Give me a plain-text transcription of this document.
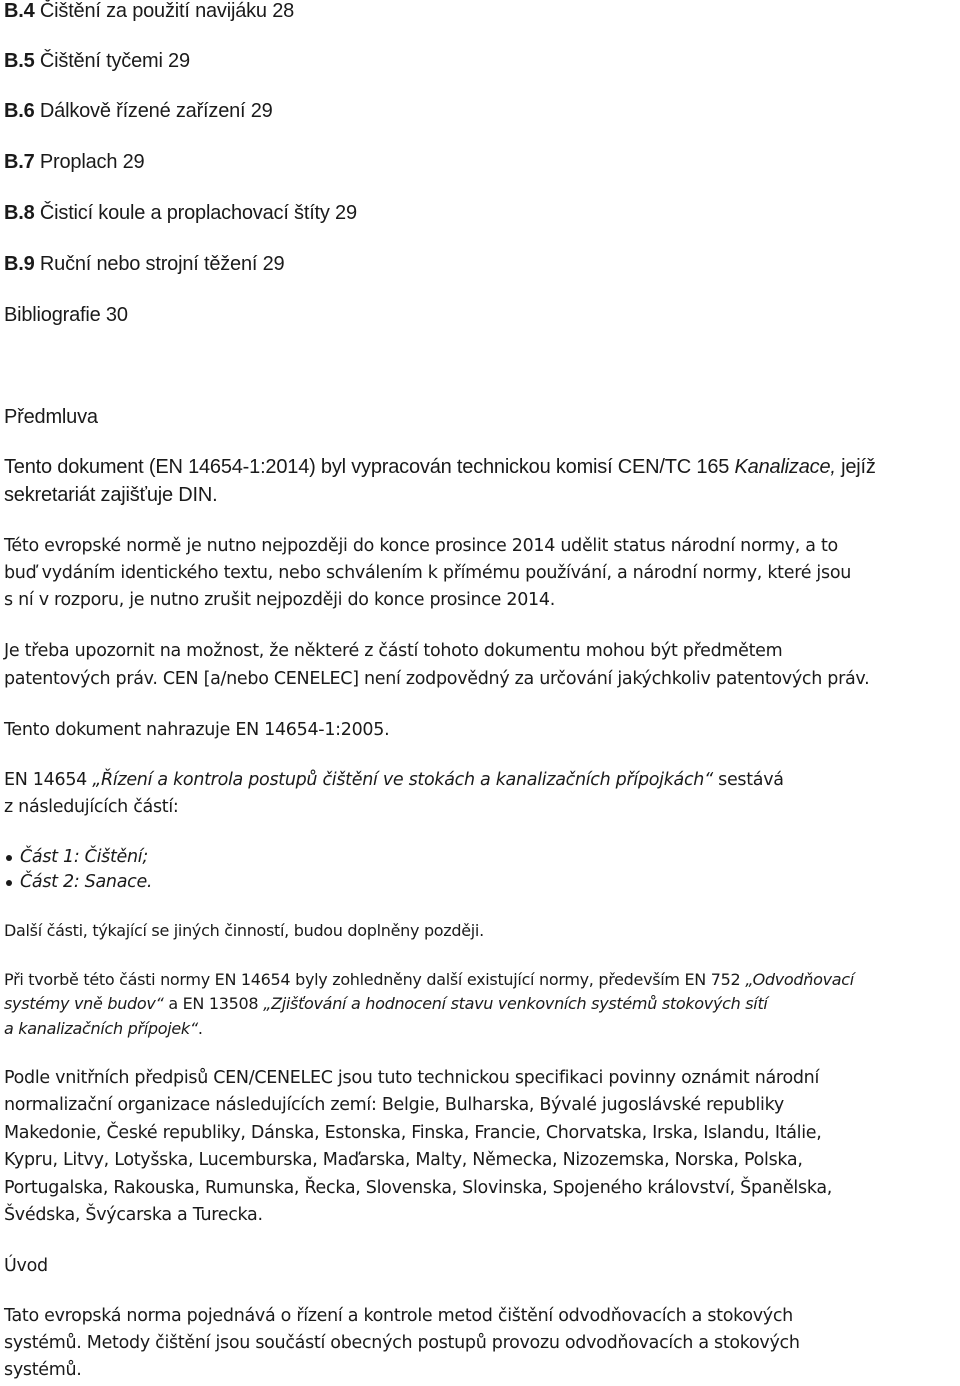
B.4 Čištění za použití navijáku 28
B.5 Čištění tyčemi 29
B.6 Dálkově řízené zařízení 29
B.7 Proplach 29
B.8 Čisticí koule a proplachovací štíty 29
B.9 Ruční nebo strojní těžení 29
Bibliografie 30
Předmluva
Tento dokument (EN 14654-1:2014) byl vypracován technickou komisí CEN/TC 165 Kanalizace, jejíž
sekretariát zajišťuje DIN.
Této evropské normě je nutno nejpozději do konce prosince 2014 udělit status národní normy, a to
buď vydáním identického textu, nebo schválením k přímému používání, a národní normy, které jsou
s ní v rozporu, je nutno zrušit nejpozději do konce prosince 2014.
Je třeba upozornit na možnost, že některé z částí tohoto dokumentu mohou být předmětem
patentových práv. CEN [a/nebo CENELEC] není zodpovědný za určování jakýchkoliv patentových práv.
Tento dokument nahrazuje EN 14654-1:2005.
EN 14654 „Řízení a kontrola postupů čištění ve stokách a kanalizačních přípojkách“ sestává
z následujících částí:
Část 1: Čištění;
Část 2: Sanace.
Další části, týkající se jiných činností, budou doplněny později.
Při tvorbě této části normy EN 14654 byly zohledněny další existující normy, především EN 752 „Odvodňovací
systémy vně budov“ a EN 13508 „Zjišťování a hodnocení stavu venkovních systémů stokových sítí
a kanalizačních přípojek“.
Podle vnitřních předpisů CEN/CENELEC jsou tuto technickou specifikaci povinny oznámit národní
normalizační organizace následujících zemí: Belgie, Bulharska, Bývalé jugoslávské republiky
Makedonie, České republiky, Dánska, Estonska, Finska, Francie, Chorvatska, Irska, Islandu, Itálie,
Kypru, Litvy, Lotyšska, Lucemburska, Maďarska, Malty, Německa, Nizozemska, Norska, Polska,
Portugalska, Rakouska, Rumunska, Řecka, Slovenska, Slovinska, Spojeného království, Španělska,
Švédska, Švýcarska a Turecka.
Úvod
Tato evropská norma pojednává o řízení a kontrole metod čištění odvodňovacích a stokových
systémů. Metody čištění jsou součástí obecných postupů provozu odvodňovacích a stokových
systémů.
